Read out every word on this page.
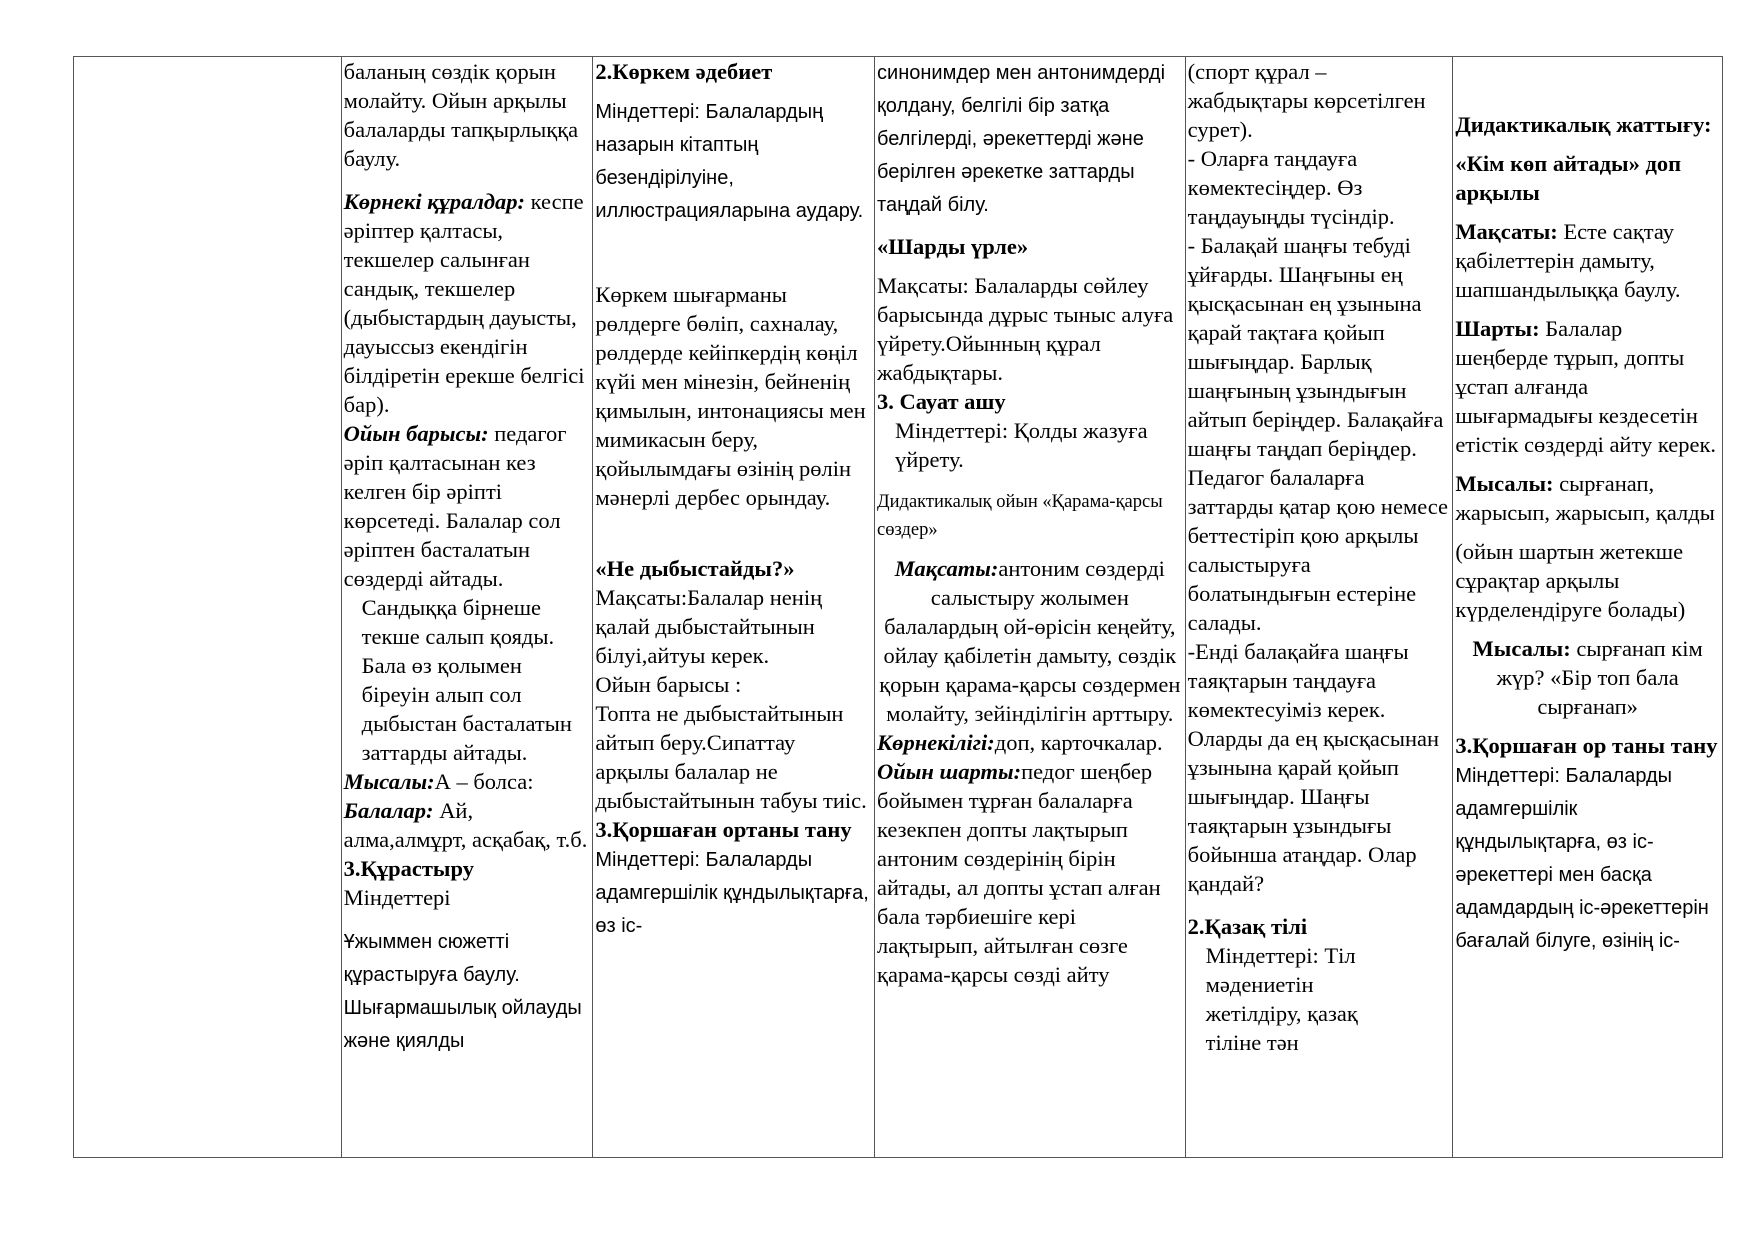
баланың сөздік қорын молайту. Ойын арқылы балаларды тапқырлыққа баулу.

Көрнекі құралдар: кеспе әріптер қалтасы, текшелер салынған сандық, текшелер (дыбыстардың дауысты, дауыссыз екендігін білдіретін ерекше белгісі бар).

Ойын барысы: педагог әріп қалтасынан кез келген бір әріпті көрсетеді. Балалар сол әріптен басталатын сөздерді айтады.

Сандыққа бірнеше текше салып қояды. Бала өз қолымен біреуін алып сол дыбыстан басталатын заттарды айтады.

Мысалы:А – болса:

Балалар: Ай, алма,алмұрт, асқабақ, т.б.

3.Құрастыру

Міндеттері

Ұжыммен сюжетті құрастыруға баулу. Шығармашылық ойлауды және қиялды

2.Көркем әдебиет

Міндеттері: Балалардың назарын кітаптың безендірілуіне, иллюстрацияларына аудару.

Көркем шығарманы рөлдерге бөліп, сахналау, рөлдерде кейіпкердің көңіл күйі мен мінезін, бейненің қимылын, интонациясы мен мимикасын беру, қойылымдағы өзінің рөлін мәнерлі дербес орындау.

«Не дыбыстайды?»

Мақсаты:Балалар ненің қалай дыбыстайтынын білуі,айтуы керек.

Ойын барысы :

Топта не дыбыстайтынын айтып беру.Сипаттау арқылы балалар не дыбыстайтынын табуы тиіс.

3.Қоршаған ортаны тану

Міндеттері: Балаларды адамгершілік құндылықтарға, өз іс-

синонимдер мен антонимдерді қолдану, белгілі бір затқа белгілерді, әрекеттерді және берілген әрекетке заттарды таңдай білу.

«Шарды үрле»

Мақсаты: Балаларды сөйлеу барысында дұрыс тыныс алуға үйрету.Ойынның құрал жабдықтары.

3. Сауат ашу

Міндеттері: Қолды жазуға үйрету.

Дидактикалық ойын «Қарама-қарсы сөздер»

Мақсаты:антоним сөздерді салыстыру жолымен балалардың ой-өрісін кеңейту, ойлау қабілетін дамыту, сөздік қорын қарама-қарсы сөздермен молайту, зейінділігін арттыру.

Көрнекілігі:доп, карточкалар.

Ойын шарты:педог шеңбер бойымен тұрған балаларға кезекпен допты лақтырып антоним сөздерінің бірін айтады, ал допты ұстап алған бала тәрбиешіге кері лақтырып, айтылған сөзге қарама-қарсы сөзді айту

(спорт құрал – жабдықтары көрсетілген сурет).

- Оларға таңдауға көмектесіңдер. Өз таңдауыңды түсіндір.

- Балақай шаңғы тебуді ұйғарды. Шаңғыны ең қысқасынан ең ұзынына қарай тақтаға қойып шығыңдар. Барлық шаңғының ұзындығын айтып беріңдер. Балақайға шаңғы таңдап беріңдер.

Педагог балаларға заттарды қатар қою немесе беттестіріп қою арқылы салыстыруға болатындығын естеріне салады.

-Енді балақайға шаңғы таяқтарын таңдауға көмектесуіміз керек. Оларды да ең қысқасынан ұзынына қарай қойып шығыңдар. Шаңғы таяқтарын ұзындығы бойынша атаңдар. Олар қандай?

2.Қазақ тілі

Міндеттері: Тіл мәдениетін жетілдіру, қазақ тіліне тән

Дидактикалық жаттығу:

«Кім көп айтады» доп арқылы

Мақсаты: Есте сақтау қабілеттерін дамыту, шапшандылыққа баулу.

Шарты: Балалар шеңберде тұрып, допты ұстап алғанда шығармадығы кездесетін етістік сөздерді айту керек.

Мысалы: сырғанап, жарысып, жарысып, қалды

(ойын шартын жетекше сұрақтар арқылы күрделендіруге болады)

Мысалы: сырғанап кім жүр? «Бір топ бала сырғанап»

3.Қоршаған ор таны тану

Міндеттері: Балаларды адамгершілік құндылықтарға, өз іс-әрекеттері мен басқа адамдардың іс-әрекеттерін бағалай білуге, өзінің іс-
